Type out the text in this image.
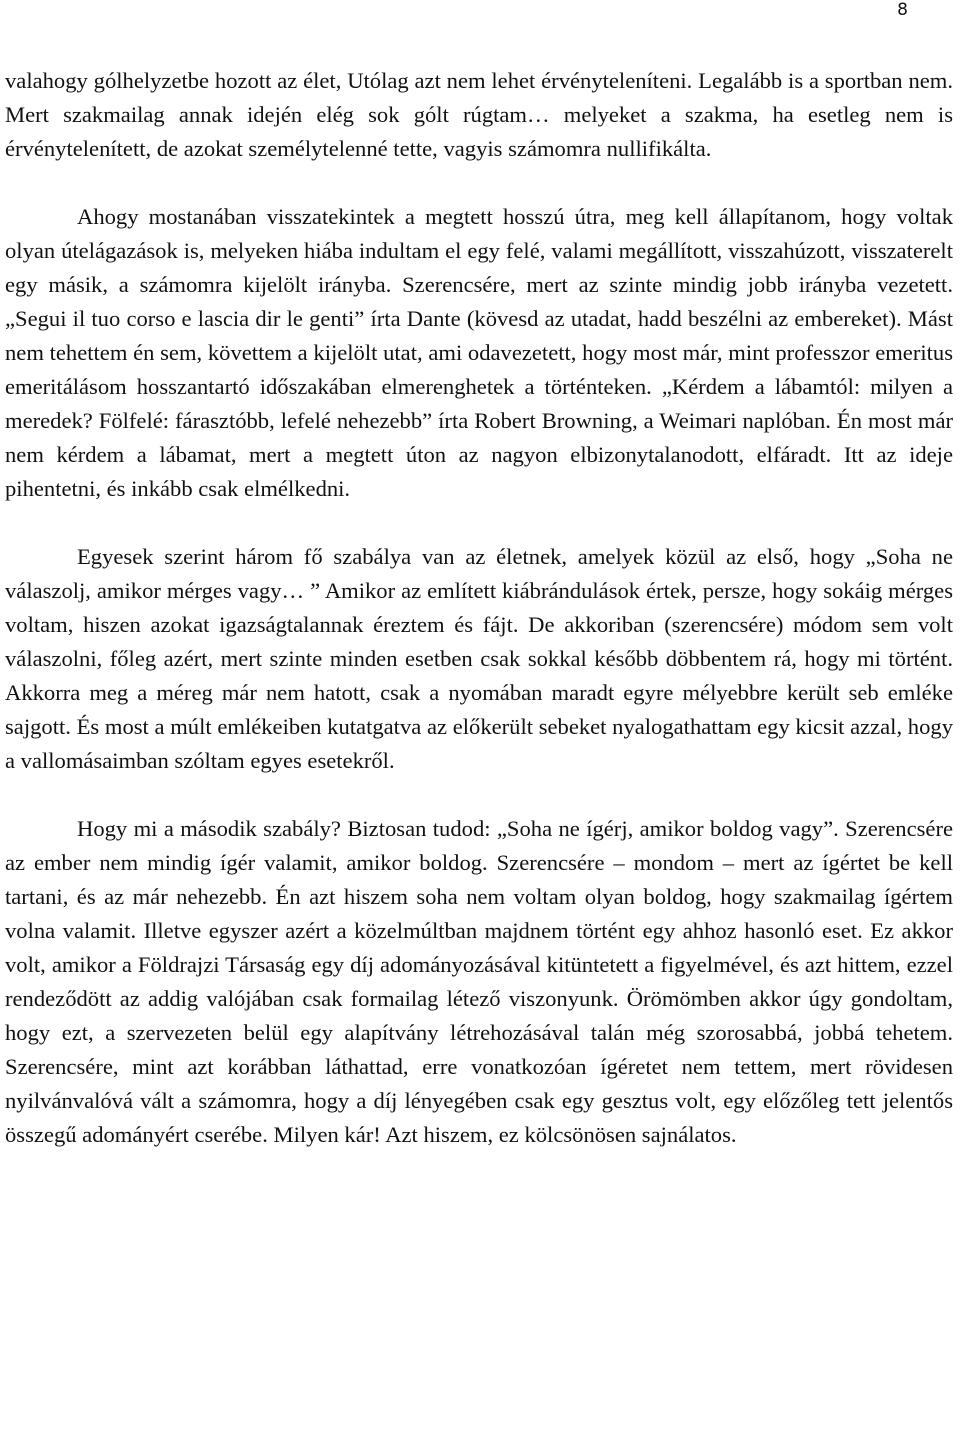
8

valahogy gólhelyzetbe hozott az élet, Utólag azt nem lehet érvényteleníteni. Legalább is a sportban nem. Mert szakmailag annak idején elég sok gólt rúgtam… melyeket a szakma, ha esetleg nem is érvénytelenített, de azokat személytelenné tette, vagyis számomra nullifikálta.

Ahogy mostanában visszatekintek a megtett hosszú útra, meg kell állapítanom, hogy voltak olyan útelágazások is, melyeken hiába indultam el egy felé, valami megállított, visszahúzott, visszaterelt egy másik, a számomra kijelölt irányba. Szerencsére, mert az szinte mindig jobb irányba vezetett. „Segui il tuo corso e lascia dir le genti” írta Dante (kövesd az utadat, hadd beszélni az embereket). Mást nem tehettem én sem, követtem a kijelölt utat, ami odavezetett, hogy most már, mint professzor emeritus emeritálásom hosszantartó időszakában elmerenghetek a történteken. „Kérdem a lábamtól: milyen a meredek? Fölfelé: fárasztóbb, lefelé nehezebb” írta Robert Browning, a Weimari naplóban. Én most már nem kérdem a lábamat, mert a megtett úton az nagyon elbizonytalanodott, elfáradt. Itt az ideje pihentetni, és inkább csak elmélkedni.

Egyesek szerint három fő szabálya van az életnek, amelyek közül az első, hogy „Soha ne válaszolj, amikor mérges vagy… ” Amikor az említett kiábrándulások értek, persze, hogy sokáig mérges voltam, hiszen azokat igazságtalannak éreztem és fájt. De akkoriban (szerencsére) módom sem volt válaszolni, főleg azért, mert szinte minden esetben csak sokkal később döbbentem rá, hogy mi történt. Akkorra meg a méreg már nem hatott, csak a nyomában maradt egyre mélyebbre került seb emléke sajgott. És most a múlt emlékeiben kutatgatva az előkerült sebeket nyalogathattam egy kicsit azzal, hogy a vallomásaimban szóltam egyes esetekről.

Hogy mi a második szabály? Biztosan tudod: „Soha ne ígérj, amikor boldog vagy”. Szerencsére az ember nem mindig ígér valamit, amikor boldog. Szerencsére – mondom – mert az ígértet be kell tartani, és az már nehezebb. Én azt hiszem soha nem voltam olyan boldog, hogy szakmailag ígértem volna valamit. Illetve egyszer azért a közelmúltban majdnem történt egy ahhoz hasonló eset. Ez akkor volt, amikor a Földrajzi Társaság egy díj adományozásával kitüntetett a figyelmével, és azt hittem, ezzel rendeződött az addig valójában csak formailag létező viszonyunk. Örömömben akkor úgy gondoltam, hogy ezt, a szervezeten belül egy alapítvány létrehozásával talán még szorosabbá, jobbá tehetem. Szerencsére, mint azt korábban láthattad, erre vonatkozóan ígéretet nem tettem, mert rövidesen nyilvánvalóvá vált a számomra, hogy a díj lényegében csak egy gesztus volt, egy előzőleg tett jelentős összegű adományért cserébe. Milyen kár! Azt hiszem, ez kölcsönösen sajnálatos.
